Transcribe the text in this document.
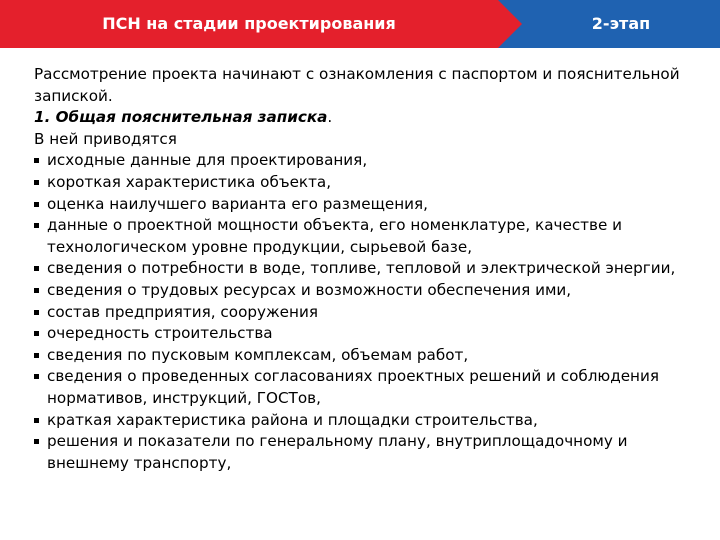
ПСН на стадии проектирования	2-этап

Рассмотрение проекта начинают с ознакомления с паспортом и пояснительной запиской.

1. Общая пояснительная записка.

В ней приводятся

исходные данные для проектирования,
короткая характеристика объекта,
оценка наилучшего варианта его размещения,
данные о проектной мощности объекта, его номенклатуре, качестве и технологическом уровне продукции, сырьевой базе,
сведения о потребности в воде, топливе, тепловой и электрической энергии,
сведения о трудовых ресурсах и возможности обеспечения ими,
состав предприятия, сооружения
очередность строительства
сведения по пусковым комплексам, объемам работ,
сведения о проведенных согласованиях проектных решений и соблюдения нормативов, инструкций, ГОСТов,
краткая характеристика района и площадки строительства,
решения и показатели по генеральному плану, внутриплощадочному и внешнему транспорту,
